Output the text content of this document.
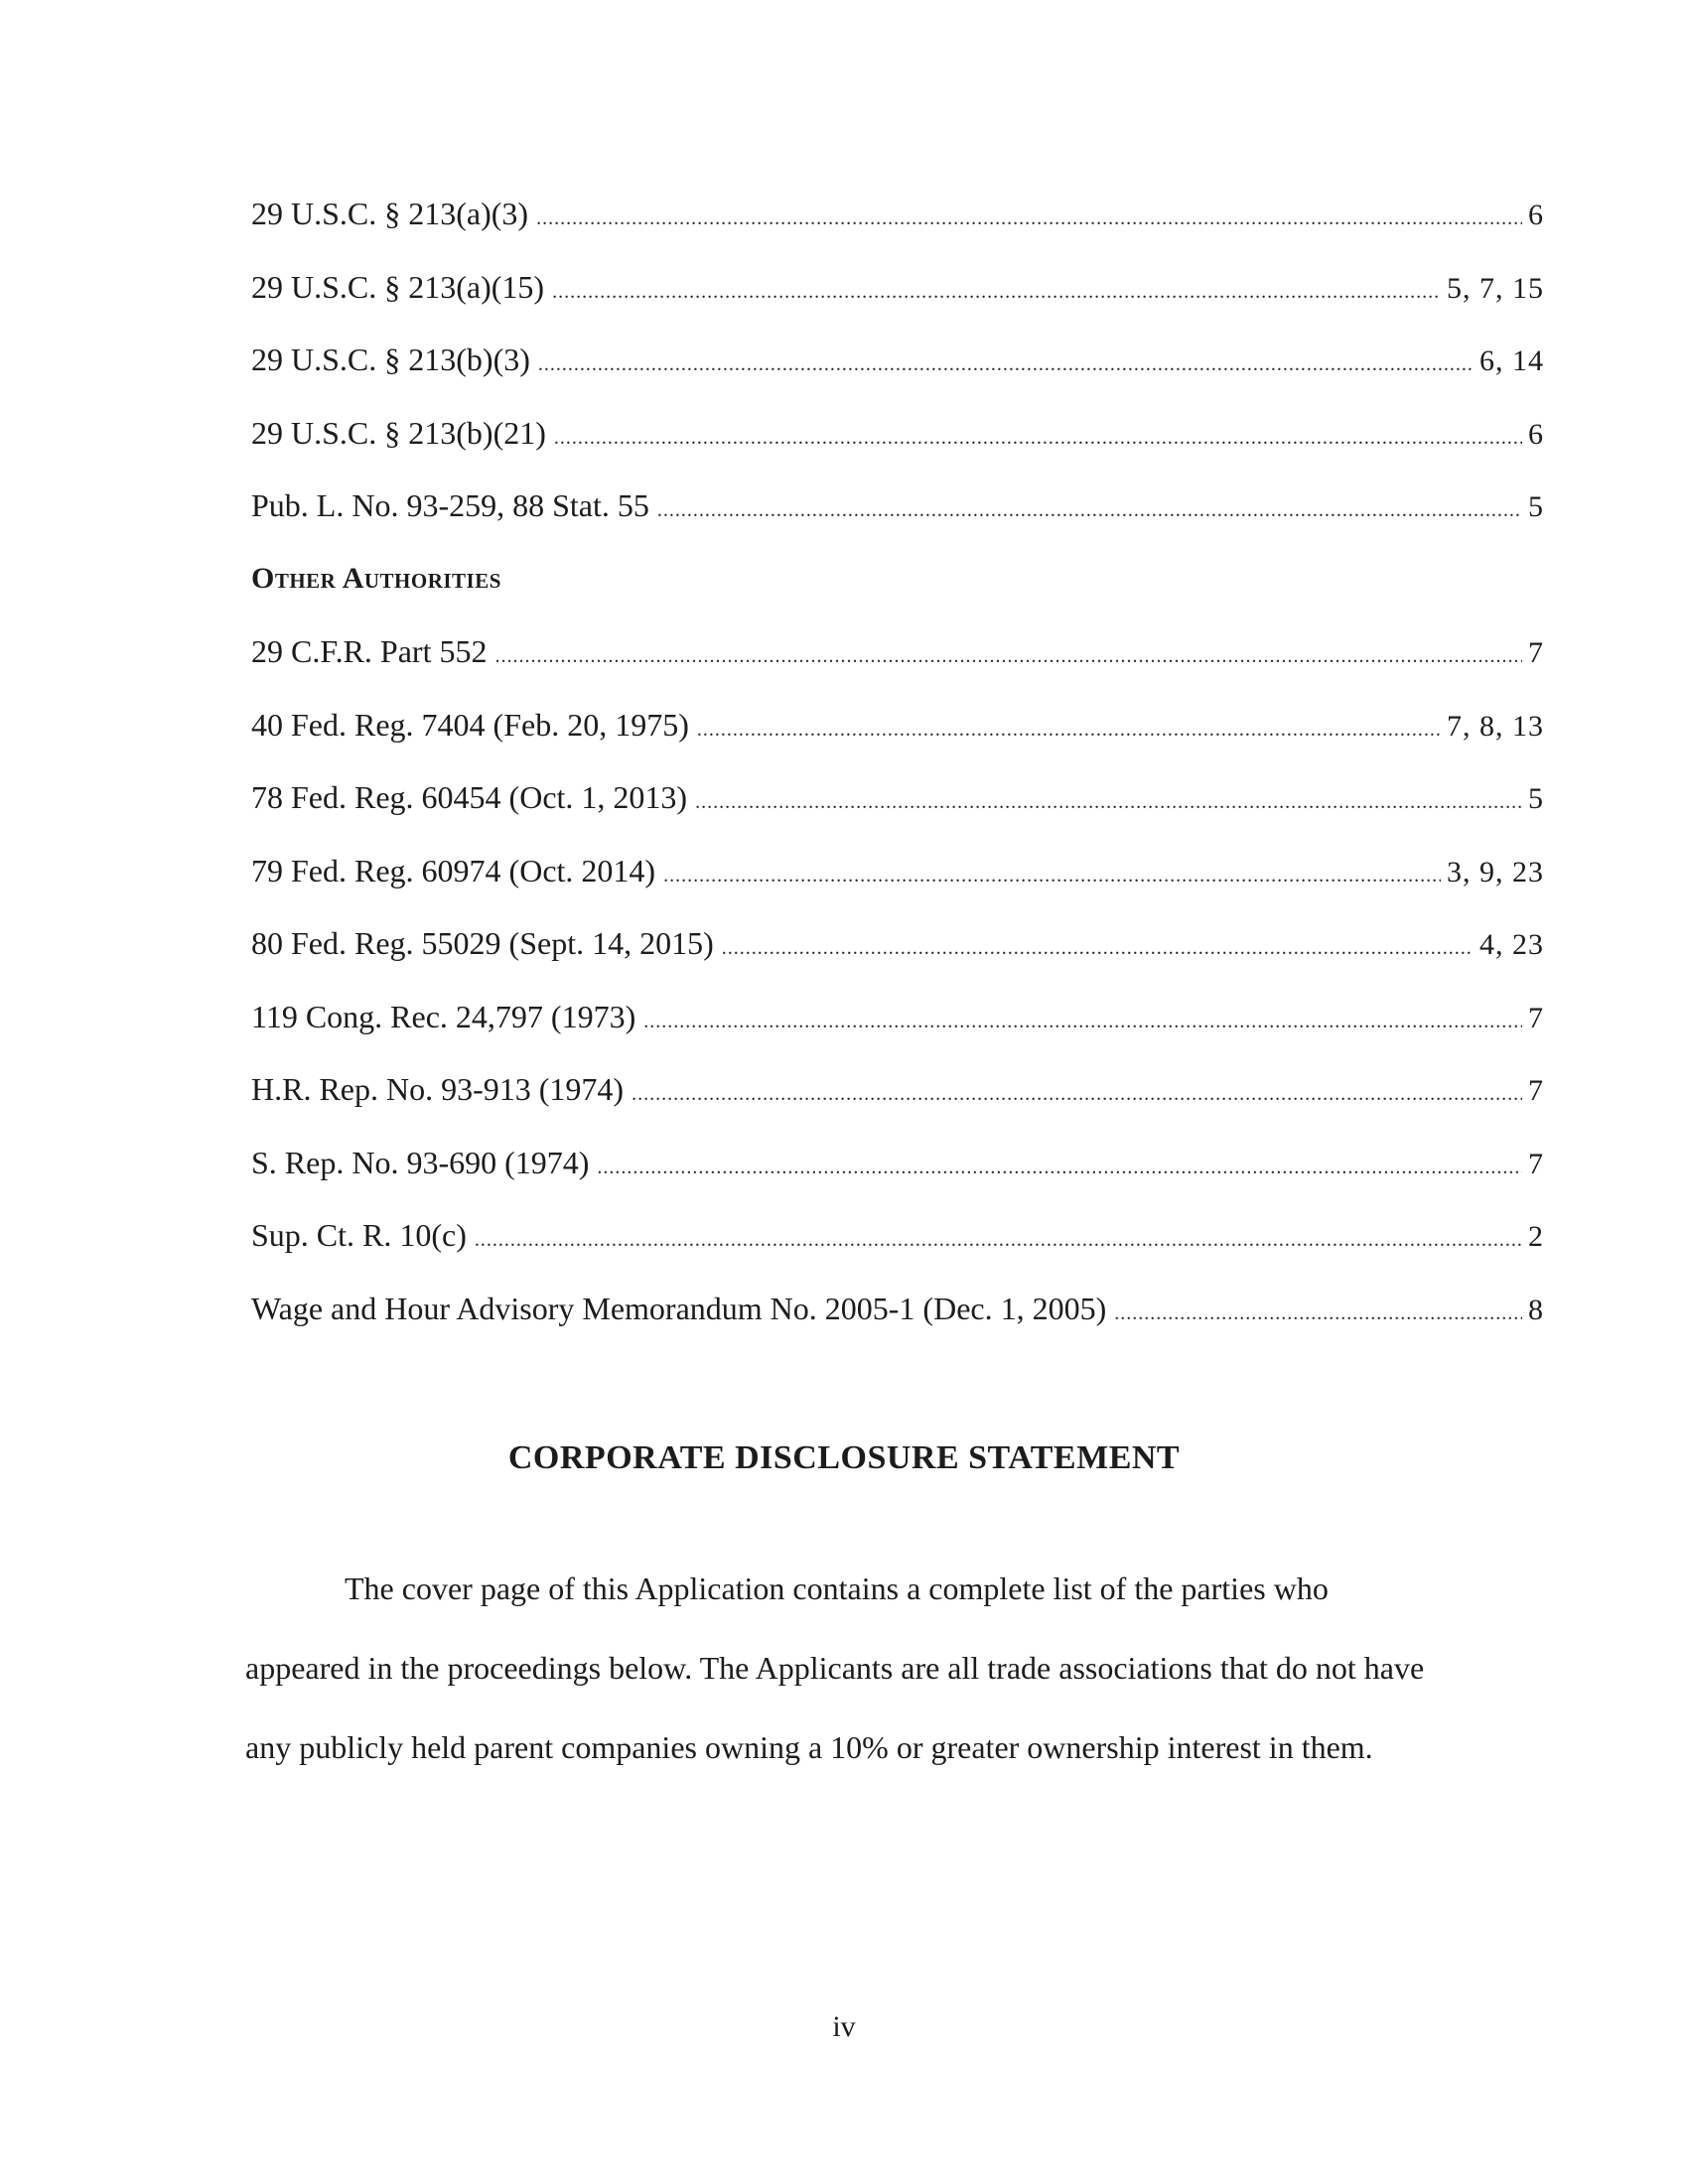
29 U.S.C. § 213(a)(3) .....	6
29 U.S.C. § 213(a)(15) .....	5, 7, 15
29 U.S.C. § 213(b)(3) .....	6, 14
29 U.S.C. § 213(b)(21) .....	6
Pub. L. No. 93-259, 88 Stat. 55 .....	5
Other Authorities
29 C.F.R. Part 552 .....	7
40 Fed. Reg. 7404 (Feb. 20, 1975) .....	7, 8, 13
78 Fed. Reg. 60454 (Oct. 1, 2013) .....	5
79 Fed. Reg. 60974 (Oct. 2014) .....	3, 9, 23
80 Fed. Reg. 55029 (Sept. 14, 2015) .....	4, 23
119 Cong. Rec. 24,797 (1973) .....	7
H.R. Rep. No. 93-913 (1974) .....	7
S. Rep. No. 93-690 (1974) .....	7
Sup. Ct. R. 10(c) .....	2
Wage and Hour Advisory Memorandum No. 2005-1 (Dec. 1, 2005) .....	8
CORPORATE DISCLOSURE STATEMENT

The cover page of this Application contains a complete list of the parties who appeared in the proceedings below. The Applicants are all trade associations that do not have any publicly held parent companies owning a 10% or greater ownership interest in them.

iv
